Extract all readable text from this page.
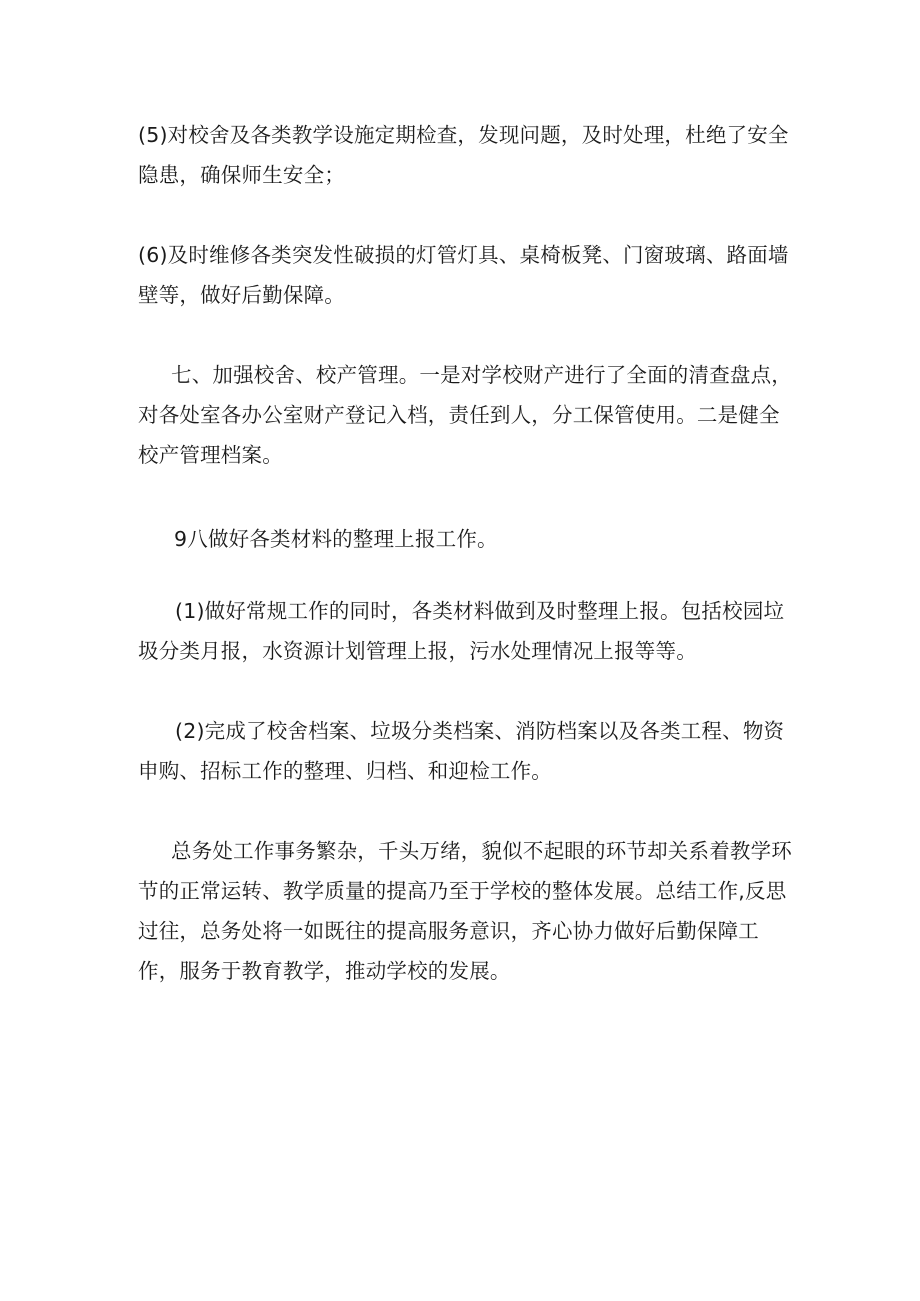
(5)对校舍及各类教学设施定期检查，发现问题，及时处理，杜绝了安全隐患，确保师生安全；

(6)及时维修各类突发性破损的灯管灯具、桌椅板凳、门窗玻璃、路面墙壁等，做好后勤保障。

七、加强校舍、校产管理。一是对学校财产进行了全面的清查盘点，对各处室各办公室财产登记入档，责任到人，分工保管使用。二是健全校产管理档案。

9八做好各类材料的整理上报工作。

(1)做好常规工作的同时，各类材料做到及时整理上报。包括校园垃圾分类月报，水资源计划管理上报，污水处理情况上报等等。

(2)完成了校舍档案、垃圾分类档案、消防档案以及各类工程、物资申购、招标工作的整理、归档、和迎检工作。

总务处工作事务繁杂，千头万绪，貌似不起眼的环节却关系着教学环节的正常运转、教学质量的提高乃至于学校的整体发展。总结工作,反思过往，总务处将一如既往的提高服务意识，齐心协力做好后勤保障工作，服务于教育教学，推动学校的发展。
